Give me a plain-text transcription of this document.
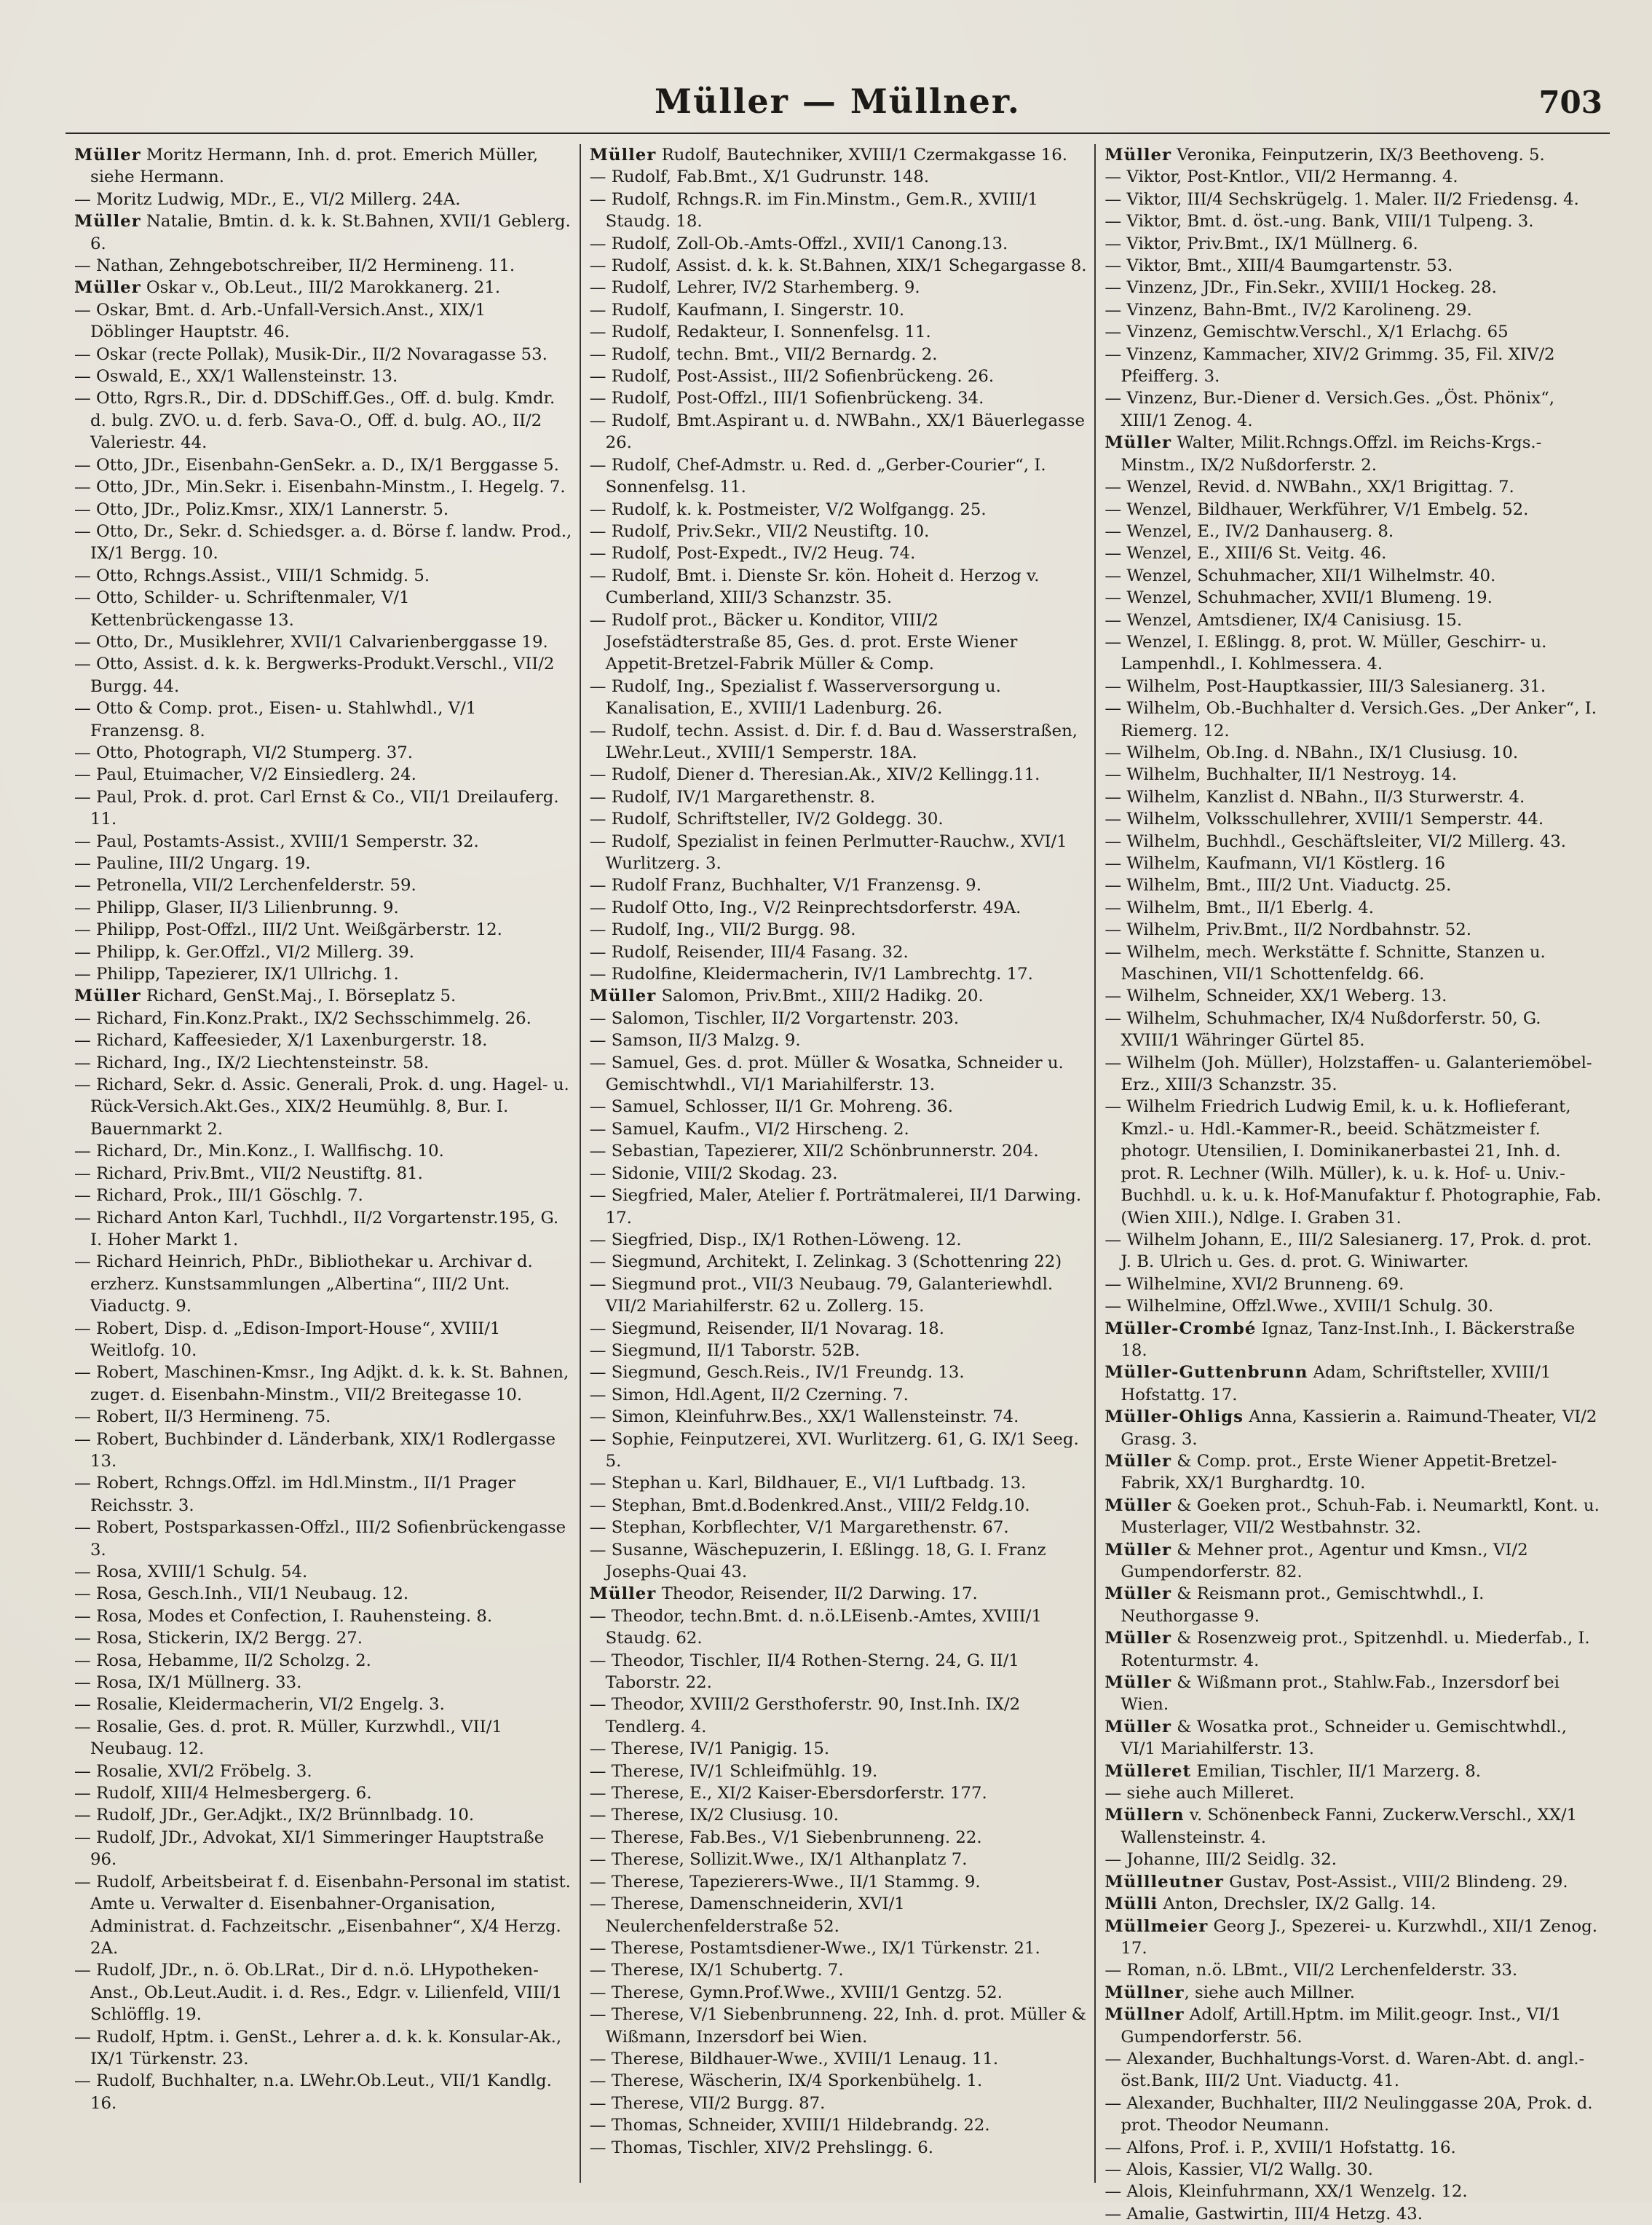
Müller — Müllner.	703

Müller Moritz Hermann, Inh. d. prot. Emerich Müller, siehe Hermann.

— Moritz Ludwig, MDr., E., VI/2 Millerg. 24A.

Müller Natalie, Bmtin. d. k. k. St.Bahnen, XVII/1 Geblerg. 6.

— Nathan, Zehngebotschreiber, II/2 Hermineng. 11.

Müller Oskar v., Ob.Leut., III/2 Marokkanerg. 21.

— Oskar, Bmt. d. Arb.-Unfall-Versich.Anst., XIX/1 Döblinger Hauptstr. 46.

— Oskar (recte Pollak), Musik-Dir., II/2 Novaragasse 53.

— Oswald, E., XX/1 Wallensteinstr. 13.

— Otto, Rgrs.R., Dir. d. DDSchiff.Ges., Off. d. bulg. Kmdr. d. bulg. ZVO. u. d. ferb. Sava-O., Off. d. bulg. AO., II/2 Valeriestr. 44.

— Otto, JDr., Eisenbahn-GenSekr. a. D., IX/1 Berggasse 5.

— Otto, JDr., Min.Sekr. i. Eisenbahn-Minstm., I. Hegelg. 7.

— Otto, JDr., Poliz.Kmsr., XIX/1 Lannerstr. 5.

— Otto, Dr., Sekr. d. Schiedsger. a. d. Börse f. landw. Prod., IX/1 Bergg. 10.

— Otto, Rchngs.Assist., VIII/1 Schmidg. 5.

— Otto, Schilder- u. Schriftenmaler, V/1 Kettenbrückengasse 13.

— Otto, Dr., Musiklehrer, XVII/1 Calvarienberggasse 19.

— Otto, Assist. d. k. k. Bergwerks-Produkt.Verschl., VII/2 Burgg. 44.

— Otto & Comp. prot., Eisen- u. Stahlwhdl., V/1 Franzensg. 8.

— Otto, Photograph, VI/2 Stumperg. 37.

— Paul, Etuimacher, V/2 Einsiedlerg. 24.

— Paul, Prok. d. prot. Carl Ernst & Co., VII/1 Dreilauferg. 11.

— Paul, Postamts-Assist., XVIII/1 Semperstr. 32.

— Pauline, III/2 Ungarg. 19.

— Petronella, VII/2 Lerchenfelderstr. 59.

— Philipp, Glaser, II/3 Lilienbrunng. 9.

— Philipp, Post-Offzl., III/2 Unt. Weißgärberstr. 12.

— Philipp, k. Ger.Offzl., VI/2 Millerg. 39.

— Philipp, Tapezierer, IX/1 Ullrichg. 1.

Müller Richard, GenSt.Maj., I. Börseplatz 5.

— Richard, Fin.Konz.Prakt., IX/2 Sechsschimmelg. 26.

— Richard, Kaffeesieder, X/1 Laxenburgerstr. 18.

— Richard, Ing., IX/2 Liechtensteinstr. 58.

— Richard, Sekr. d. Assic. Generali, Prok. d. ung. Hagel- u. Rück-Versich.Akt.Ges., XIX/2 Heumühlg. 8, Bur. I. Bauernmarkt 2.

— Richard, Dr., Min.Konz., I. Wallfischg. 10.

— Richard, Priv.Bmt., VII/2 Neustiftg. 81.

— Richard, Prok., III/1 Göschlg. 7.

— Richard Anton Karl, Tuchhdl., II/2 Vorgartenstr.195, G. I. Hoher Markt 1.

— Richard Heinrich, PhDr., Bibliothekar u. Archivar d. erzherz. Kunstsammlungen „Albertina“, III/2 Unt. Viaductg. 9.

— Robert, Disp. d. „Edison-Import-House“, XVIII/1 Weitlofg. 10.

— Robert, Maschinen-Kmsr., Ing Adjkt. d. k. k. St. Bahnen, zugeт. d. Eisenbahn-Minstm., VII/2 Breitegasse 10.

— Robert, II/3 Hermineng. 75.

— Robert, Buchbinder d. Länderbank, XIX/1 Rodlergasse 13.

— Robert, Rchngs.Offzl. im Hdl.Minstm., II/1 Prager Reichsstr. 3.

— Robert, Postsparkassen-Offzl., III/2 Sofienbrückengasse 3.

— Rosa, XVIII/1 Schulg. 54.

— Rosa, Gesch.Inh., VII/1 Neubaug. 12.

— Rosa, Modes et Confection, I. Rauhensteing. 8.

— Rosa, Stickerin, IX/2 Bergg. 27.

— Rosa, Hebamme, II/2 Scholzg. 2.

— Rosa, IX/1 Müllnerg. 33.

— Rosalie, Kleidermacherin, VI/2 Engelg. 3.

— Rosalie, Ges. d. prot. R. Müller, Kurzwhdl., VII/1 Neubaug. 12.

— Rosalie, XVI/2 Fröbelg. 3.

— Rudolf, XIII/4 Helmesbergerg. 6.

— Rudolf, JDr., Ger.Adjkt., IX/2 Brünnlbadg. 10.

— Rudolf, JDr., Advokat, XI/1 Simmeringer Hauptstraße 96.

— Rudolf, Arbeitsbeirat f. d. Eisenbahn-Personal im statist. Amte u. Verwalter d. Eisenbahner-Organisation, Administrat. d. Fachzeitschr. „Eisenbahner“, X/4 Herzg. 2A.

— Rudolf, JDr., n. ö. Ob.LRat., Dir d. n.ö. LHypotheken-Anst., Ob.Leut.Audit. i. d. Res., Edgr. v. Lilienfeld, VIII/1 Schlöfflg. 19.

— Rudolf, Hptm. i. GenSt., Lehrer a. d. k. k. Konsular-Ak., IX/1 Türkenstr. 23.

— Rudolf, Buchhalter, n.a. LWehr.Ob.Leut., VII/1 Kandlg. 16.

Müller Rudolf, Bautechniker, XVIII/1 Czermakgasse 16.

— Rudolf, Fab.Bmt., X/1 Gudrunstr. 148.

— Rudolf, Rchngs.R. im Fin.Minstm., Gem.R., XVIII/1 Staudg. 18.

— Rudolf, Zoll-Ob.-Amts-Offzl., XVII/1 Canong.13.

— Rudolf, Assist. d. k. k. St.Bahnen, XIX/1 Schegargasse 8.

— Rudolf, Lehrer, IV/2 Starhemberg. 9.

— Rudolf, Kaufmann, I. Singerstr. 10.

— Rudolf, Redakteur, I. Sonnenfelsg. 11.

— Rudolf, techn. Bmt., VII/2 Bernardg. 2.

— Rudolf, Post-Assist., III/2 Sofienbrückeng. 26.

— Rudolf, Post-Offzl., III/1 Sofienbrückeng. 34.

— Rudolf, Bmt.Aspirant u. d. NWBahn., XX/1 Bäuerlegasse 26.

— Rudolf, Chef-Admstr. u. Red. d. „Gerber-Courier“, I. Sonnenfelsg. 11.

— Rudolf, k. k. Postmeister, V/2 Wolfgangg. 25.

— Rudolf, Priv.Sekr., VII/2 Neustiftg. 10.

— Rudolf, Post-Expedt., IV/2 Heug. 74.

— Rudolf, Bmt. i. Dienste Sr. kön. Hoheit d. Herzog v. Cumberland, XIII/3 Schanzstr. 35.

— Rudolf prot., Bäcker u. Konditor, VIII/2 Josefstädterstraße 85, Ges. d. prot. Erste Wiener Appetit-Bretzel-Fabrik Müller & Comp.

— Rudolf, Ing., Spezialist f. Wasserversorgung u. Kanalisation, E., XVIII/1 Ladenburg. 26.

— Rudolf, techn. Assist. d. Dir. f. d. Bau d. Wasserstraßen, LWehr.Leut., XVIII/1 Semperstr. 18A.

— Rudolf, Diener d. Theresian.Ak., XIV/2 Kellingg.11.

— Rudolf, IV/1 Margarethenstr. 8.

— Rudolf, Schriftsteller, IV/2 Goldegg. 30.

— Rudolf, Spezialist in feinen Perlmutter-Rauchw., XVI/1 Wurlitzerg. 3.

— Rudolf Franz, Buchhalter, V/1 Franzensg. 9.

— Rudolf Otto, Ing., V/2 Reinprechtsdorferstr. 49A.

— Rudolf, Ing., VII/2 Burgg. 98.

— Rudolf, Reisender, III/4 Fasang. 32.

— Rudolfine, Kleidermacherin, IV/1 Lambrechtg. 17.

Müller Salomon, Priv.Bmt., XIII/2 Hadikg. 20.

— Salomon, Tischler, II/2 Vorgartenstr. 203.

— Samson, II/3 Malzg. 9.

— Samuel, Ges. d. prot. Müller & Wosatka, Schneider u. Gemischtwhdl., VI/1 Mariahilferstr. 13.

— Samuel, Schlosser, II/1 Gr. Mohreng. 36.

— Samuel, Kaufm., VI/2 Hirscheng. 2.

— Sebastian, Tapezierer, XII/2 Schönbrunnerstr. 204.

— Sidonie, VIII/2 Skodag. 23.

— Siegfried, Maler, Atelier f. Porträtmalerei, II/1 Darwing. 17.

— Siegfried, Disp., IX/1 Rothen-Löweng. 12.

— Siegmund, Architekt, I. Zelinkag. 3 (Schottenring 22)

— Siegmund prot., VII/3 Neubaug. 79, Galanteriewhdl. VII/2 Mariahilferstr. 62 u. Zollerg. 15.

— Siegmund, Reisender, II/1 Novarag. 18.

— Siegmund, II/1 Taborstr. 52B.

— Siegmund, Gesch.Reis., IV/1 Freundg. 13.

— Simon, Hdl.Agent, II/2 Czerning. 7.

— Simon, Kleinfuhrw.Bes., XX/1 Wallensteinstr. 74.

— Sophie, Feinputzerei, XVI. Wurlitzerg. 61, G. IX/1 Seeg. 5.

— Stephan u. Karl, Bildhauer, E., VI/1 Luftbadg. 13.

— Stephan, Bmt.d.Bodenkred.Anst., VIII/2 Feldg.10.

— Stephan, Korbflechter, V/1 Margarethenstr. 67.

— Susanne, Wäschepuzerin, I. Eßlingg. 18, G. I. Franz Josephs-Quai 43.

Müller Theodor, Reisender, II/2 Darwing. 17.

— Theodor, techn.Bmt. d. n.ö.LEisenb.-Amtes, XVIII/1 Staudg. 62.

— Theodor, Tischler, II/4 Rothen-Sterng. 24, G. II/1 Taborstr. 22.

— Theodor, XVIII/2 Gersthoferstr. 90, Inst.Inh. IX/2 Tendlerg. 4.

— Therese, IV/1 Panigig. 15.

— Therese, IV/1 Schleifmühlg. 19.

— Therese, E., XI/2 Kaiser-Ebersdorferstr. 177.

— Therese, IX/2 Clusiusg. 10.

— Therese, Fab.Bes., V/1 Siebenbrunneng. 22.

— Therese, Sollizit.Wwe., IX/1 Althanplatz 7.

— Therese, Tapezierers-Wwe., II/1 Stammg. 9.

— Therese, Damenschneiderin, XVI/1 Neulerchenfelderstraße 52.

— Therese, Postamtsdiener-Wwe., IX/1 Türkenstr. 21.

— Therese, IX/1 Schubertg. 7.

— Therese, Gymn.Prof.Wwe., XVIII/1 Gentzg. 52.

— Therese, V/1 Siebenbrunneng. 22, Inh. d. prot. Müller & Wißmann, Inzersdorf bei Wien.

— Therese, Bildhauer-Wwe., XVIII/1 Lenaug. 11.

— Therese, Wäscherin, IX/4 Sporkenbühelg. 1.

— Therese, VII/2 Burgg. 87.

— Thomas, Schneider, XVIII/1 Hildebrandg. 22.

— Thomas, Tischler, XIV/2 Prehslingg. 6.

Müller Veronika, Feinputzerin, IX/3 Beethoveng. 5.

— Viktor, Post-Kntlor., VII/2 Hermanng. 4.

— Viktor, III/4 Sechskrügelg. 1. Maler. II/2 Friedensg. 4.

— Viktor, Bmt. d. öst.-ung. Bank, VIII/1 Tulpeng. 3.

— Viktor, Priv.Bmt., IX/1 Müllnerg. 6.

— Viktor, Bmt., XIII/4 Baumgartenstr. 53.

— Vinzenz, JDr., Fin.Sekr., XVIII/1 Hockeg. 28.

— Vinzenz, Bahn-Bmt., IV/2 Karolineng. 29.

— Vinzenz, Gemischtw.Verschl., X/1 Erlachg. 65

— Vinzenz, Kammacher, XIV/2 Grimmg. 35, Fil. XIV/2 Pfeifferg. 3.

— Vinzenz, Bur.-Diener d. Versich.Ges. „Öst. Phönix“, XIII/1 Zenog. 4.

Müller Walter, Milit.Rchngs.Offzl. im Reichs-Krgs.-Minstm., IX/2 Nußdorferstr. 2.

— Wenzel, Revid. d. NWBahn., XX/1 Brigittag. 7.

— Wenzel, Bildhauer, Werkführer, V/1 Embelg. 52.

— Wenzel, E., IV/2 Danhauserg. 8.

— Wenzel, E., XIII/6 St. Veitg. 46.

— Wenzel, Schuhmacher, XII/1 Wilhelmstr. 40.

— Wenzel, Schuhmacher, XVII/1 Blumeng. 19.

— Wenzel, Amtsdiener, IX/4 Canisiusg. 15.

— Wenzel, I. Eßlingg. 8, prot. W. Müller, Geschirr- u. Lampenhdl., I. Kohlmessera. 4.

— Wilhelm, Post-Hauptkassier, III/3 Salesianerg. 31.

— Wilhelm, Ob.-Buchhalter d. Versich.Ges. „Der Anker“, I. Riemerg. 12.

— Wilhelm, Ob.Ing. d. NBahn., IX/1 Clusiusg. 10.

— Wilhelm, Buchhalter, II/1 Nestroyg. 14.

— Wilhelm, Kanzlist d. NBahn., II/3 Sturwerstr. 4.

— Wilhelm, Volksschullehrer, XVIII/1 Semperstr. 44.

— Wilhelm, Buchhdl., Geschäftsleiter, VI/2 Millerg. 43.

— Wilhelm, Kaufmann, VI/1 Köstlerg. 16

— Wilhelm, Bmt., III/2 Unt. Viaductg. 25.

— Wilhelm, Bmt., II/1 Eberlg. 4.

— Wilhelm, Priv.Bmt., II/2 Nordbahnstr. 52.

— Wilhelm, mech. Werkstätte f. Schnitte, Stanzen u. Maschinen, VII/1 Schottenfeldg. 66.

— Wilhelm, Schneider, XX/1 Weberg. 13.

— Wilhelm, Schuhmacher, IX/4 Nußdorferstr. 50, G. XVIII/1 Währinger Gürtel 85.

— Wilhelm (Joh. Müller), Holzstaffen- u. Galanteriemöbel-Erz., XIII/3 Schanzstr. 35.

— Wilhelm Friedrich Ludwig Emil, k. u. k. Hoflieferant, Kmzl.- u. Hdl.-Kammer-R., beeid. Schätzmeister f. photogr. Utensilien, I. Dominikanerbastei 21, Inh. d. prot. R. Lechner (Wilh. Müller), k. u. k. Hof- u. Univ.-Buchhdl. u. k. u. k. Hof-Manufaktur f. Photographie, Fab. (Wien XIII.), Ndlge. I. Graben 31.

— Wilhelm Johann, E., III/2 Salesianerg. 17, Prok. d. prot. J. B. Ulrich u. Ges. d. prot. G. Winiwarter.

— Wilhelmine, XVI/2 Brunneng. 69.

— Wilhelmine, Offzl.Wwe., XVIII/1 Schulg. 30.

Müller-Crombé Ignaz, Tanz-Inst.Inh., I. Bäckerstraße 18.

Müller-Guttenbrunn Adam, Schriftsteller, XVIII/1 Hofstattg. 17.

Müller-Ohligs Anna, Kassierin a. Raimund-Theater, VI/2 Grasg. 3.

Müller & Comp. prot., Erste Wiener Appetit-Bretzel-Fabrik, XX/1 Burghardtg. 10.

Müller & Goeken prot., Schuh-Fab. i. Neumarktl, Kont. u. Musterlager, VII/2 Westbahnstr. 32.

Müller & Mehner prot., Agentur und Kmsn., VI/2 Gumpendorferstr. 82.

Müller & Reismann prot., Gemischtwhdl., I. Neuthorgasse 9.

Müller & Rosenzweig prot., Spitzenhdl. u. Miederfab., I. Rotenturmstr. 4.

Müller & Wißmann prot., Stahlw.Fab., Inzersdorf bei Wien.

Müller & Wosatka prot., Schneider u. Gemischtwhdl., VI/1 Mariahilferstr. 13.

Mülleret Emilian, Tischler, II/1 Marzerg. 8.

— siehe auch Milleret.

Müllern v. Schönenbeck Fanni, Zuckerw.Verschl., XX/1 Wallensteinstr. 4.

— Johanne, III/2 Seidlg. 32.

Müllleutner Gustav, Post-Assist., VIII/2 Blindeng. 29.

Mülli Anton, Drechsler, IX/2 Gallg. 14.

Müllmeier Georg J., Spezerei- u. Kurzwhdl., XII/1 Zenog. 17.

— Roman, n.ö. LBmt., VII/2 Lerchenfelderstr. 33.

Müllner, siehe auch Millner.

Müllner Adolf, Artill.Hptm. im Milit.geogr. Inst., VI/1 Gumpendorferstr. 56.

— Alexander, Buchhaltungs-Vorst. d. Waren-Abt. d. angl.-öst.Bank, III/2 Unt. Viaductg. 41.

— Alexander, Buchhalter, III/2 Neulinggasse 20A, Prok. d. prot. Theodor Neumann.

— Alfons, Prof. i. P., XVIII/1 Hofstattg. 16.

— Alois, Kassier, VI/2 Wallg. 30.

— Alois, Kleinfuhrmann, XX/1 Wenzelg. 12.

— Amalie, Gastwirtin, III/4 Hetzg. 43.
